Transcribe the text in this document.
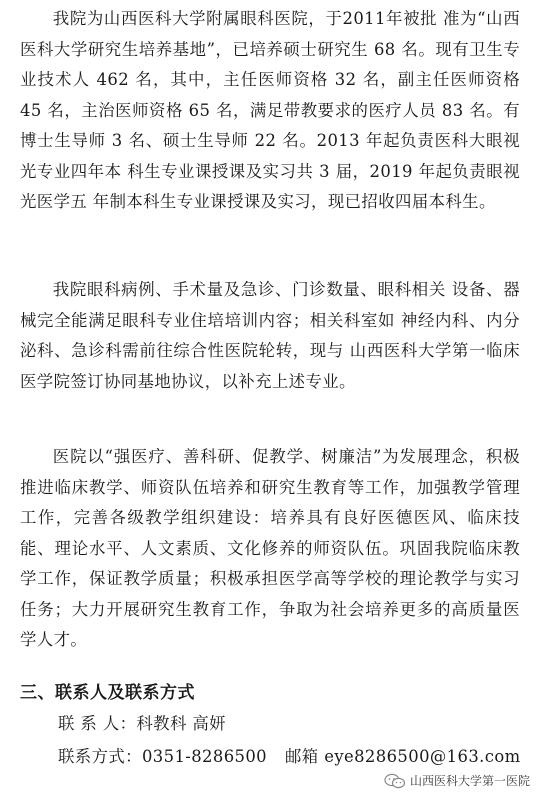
我院为山西医科大学附属眼科医院，于2011年被批 准为“山西医科大学研究生培养基地”，已培养硕士研究生 68 名。现有卫生专业技术人 462 名，其中，主任医师资格 32 名，副主任医师资格 45 名，主治医师资格 65 名，满足带教要求的医疗人员 83 名。有博士生导师 3 名、硕士生导师 22 名。2013 年起负责医科大眼视光专业四年本 科生专业课授课及实习共 3 届，2019 年起负责眼视光医学五 年制本科生专业课授课及实习，现已招收四届本科生。

我院眼科病例、手术量及急诊、门诊数量、眼科相关 设备、器械完全能满足眼科专业住培培训内容；相关科室如 神经内科、内分泌科、急诊科需前往综合性医院轮转，现与 山西医科大学第一临床医学院签订协同基地协议，以补充上述专业。

医院以“强医疗、善科研、促教学、树廉洁”为发展理念，积极推进临床教学、师资队伍培养和研究生教育等工作，加强教学管理工作，完善各级教学组织建设：培养具有良好医德医风、临床技能、理论水平、人文素质、文化修养的师资队伍。巩固我院临床教学工作，保证教学质量；积极承担医学高等学校的理论教学与实习任务；大力开展研究生教育工作，争取为社会培养更多的高质量医学人才。

三、联系人及联系方式

联 系 人：科教科 高妍

联系方式：0351-8286500 邮箱 eye8286500@163.com

山西医科大学第一医院
